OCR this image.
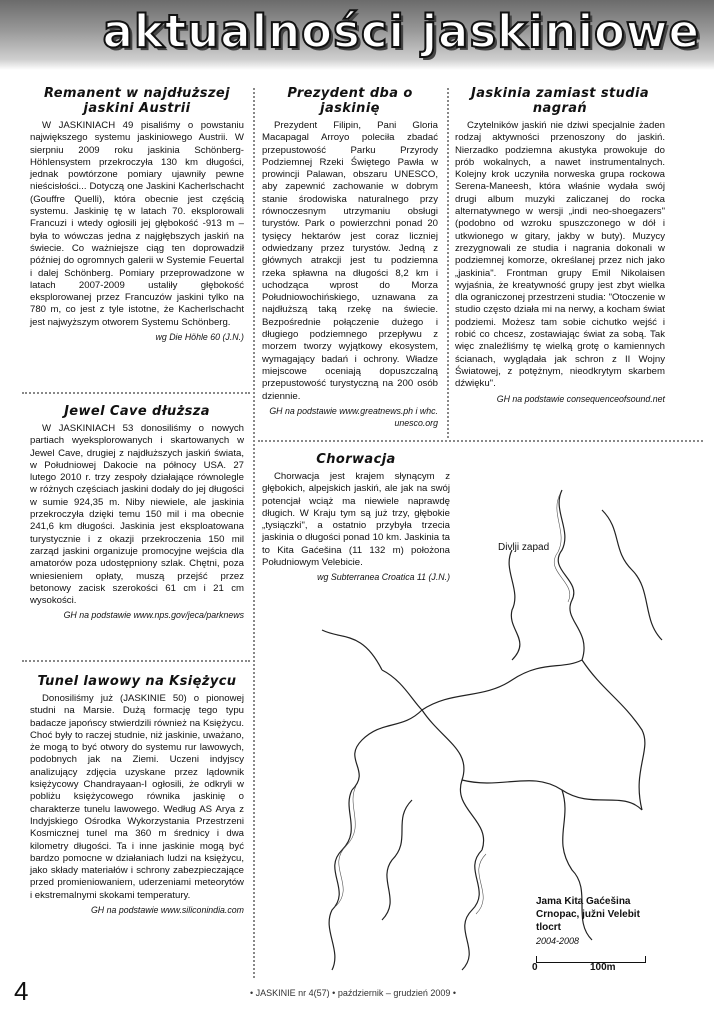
aktualności jaskiniowe
Remanent w najdłuższej jaskini Austrii

W JASKINIACH 49 pisaliśmy o powstaniu największego systemu jaskiniowego Austrii. W sierpniu 2009 roku jaskinia Schönberg-Höhlensystem przekroczyła 130 km długości, jednak powtórzone pomiary ujawniły pewne nieścisłości... Dotyczą one Jaskini Kacherlschacht (Gouffre Quelli), która obecnie jest częścią systemu. Jaskinię tę w latach 70. eksplorowali Francuzi i wtedy ogłosili jej głębokość -913 m – była to wówczas jedna z najgłębszych jaskiń na świecie. Co ważniejsze ciąg ten doprowadził później do ogromnych galerii w Systemie Feuertal i dalej Schönberg. Pomiary przeprowadzone w latach 2007-2009 ustaliły głębokość eksplorowanej przez Francuzów jaskini tylko na 780 m, co jest z tyle istotne, że Kacherlschacht jest najwyższym otworem Systemu Schönberg.

wg Die Höhle 60 (J.N.)
Prezydent dba o jaskinię

Prezydent Filipin, Pani Gloria Macapagal Arroyo poleciła zbadać przepustowość Parku Przyrody Podziemnej Rzeki Świętego Pawła w prowincji Palawan, obszaru UNESCO, aby zapewnić zachowanie w dobrym stanie środowiska naturalnego przy równoczesnym utrzymaniu obsługi turystów. Park o powierzchni ponad 20 tysięcy hektarów jest coraz liczniej odwiedzany przez turystów. Jedną z głównych atrakcji jest tu podziemna rzeka spławna na długości 8,2 km i uchodząca wprost do Morza Południowochińskiego, uznawana za najdłuższą taką rzekę na świecie. Bezpośrednie połączenie dużego i długiego podziemnego przepływu z morzem tworzy wyjątkowy ekosystem, wymagający badań i ochrony. Władze miejscowe oceniają dopuszczalną przepustowość turystyczną na 200 osób dziennie.

GH na podstawie www.greatnews.ph i whc. unesco.org
Jaskinia zamiast studia nagrań

Czytelników jaskiń nie dziwi specjalnie żaden rodzaj aktywności przenoszony do jaskiń. Nierzadko podziemna akustyka prowokuje do prób wokalnych, a nawet instrumentalnych. Kolejny krok uczyniła norweska grupa rockowa Serena-Maneesh, która właśnie wydała swój drugi album muzyki zaliczanej do rocka alternatywnego w wersji „indi neo-shoegazers" (podobno od wzroku spuszczonego w dół i utkwionego w gitary, jakby w buty). Muzycy zrezygnowali ze studia i nagrania dokonali w podziemnej komorze, określanej przez nich jako „jaskinia". Frontman grupy Emil Nikolaisen wyjaśnia, że kreatywność grupy jest zbyt wielka dla ograniczonej przestrzeni studia: "Otoczenie w studio często działa mi na nerwy, a kocham świat podziemi. Możesz tam sobie cichutko wejść i robić co chcesz, zostawiając świat za sobą. Tak więc znaleźliśmy tę wielką grotę o kamiennych ścianach, wyglądała jak schron z II Wojny Światowej, z potężnym, nieodkrytym skarbem dźwięku".

GH na podstawie consequenceofsound.net
Jewel Cave dłuższa

W JASKINIACH 53 donosiliśmy o nowych partiach wyeksplorowanych i skartowanych w Jewel Cave, drugiej z najdłuższych jaskiń świata, w Południowej Dakocie na północy USA. 27 lutego 2010 r. trzy zespoły działające równolegle w różnych częściach jaskini dodały do jej długości w sumie 924,35 m. Niby niewiele, ale jaskinia przekroczyła dzięki temu 150 mil i ma obecnie 241,6 km długości. Jaskinia jest eksploatowana turystycznie i z okazji przekroczenia 150 mil zarząd jaskini organizuje promocyjne wejścia dla amatorów poza udostępniony szlak. Chętni, poza wniesieniem opłaty, muszą przejść przez betonowy zacisk szerokości 61 cm i 21 cm wysokości.

GH na podstawie www.nps.gov/jeca/parknews
Chorwacja

Chorwacja jest krajem słynącym z głębokich, alpejskich jaskiń, ale jak na swój potencjał wciąż ma niewiele naprawdę długich. W Kraju tym są już trzy, głębokie „tysiączki", a ostatnio przybyła trzecia jaskinia o długości ponad 10 km. Jaskinia ta to Kita Gaćešina (11 132 m) położona Południowym Velebicie.

wg Subterranea Croatica 11 (J.N.)
Tunel lawowy na Księżycu

Donosiliśmy już (JASKINIE 50) o pionowej studni na Marsie. Dużą formację tego typu badacze japońscy stwierdzili również na Księżycu. Choć były to raczej studnie, niż jaskinie, uważano, że mogą to być otwory do systemu rur lawowych, podobnych jak na Ziemi. Uczeni indyjscy analizujący zdjęcia uzyskane przez lądownik księżycowy Chandrayaan-I ogłosili, że odkryli w pobliżu księżycowego równika jaskinię o charakterze tunelu lawowego. Według AS Arya z Indyjskiego Ośrodka Wykorzystania Przestrzeni Kosmicznej tunel ma 360 m średnicy i dwa kilometry długości. Ta i inne jaskinie mogą być bardzo pomocne w działaniach ludzi na księżycu, jako składy materiałów i schrony zabezpieczające przed promieniowaniem, uderzeniami meteorytów i ekstremalnymi skokami temperatury.

GH na podstawie www.siliconindia.com
Divlji zapad
Jama Kita Gaćešina
Crnopac, južni Velebit
tlocrt
2004-2008
0	100m
4	• JASKINIE nr 4(57) • październik – grudzień 2009 •
